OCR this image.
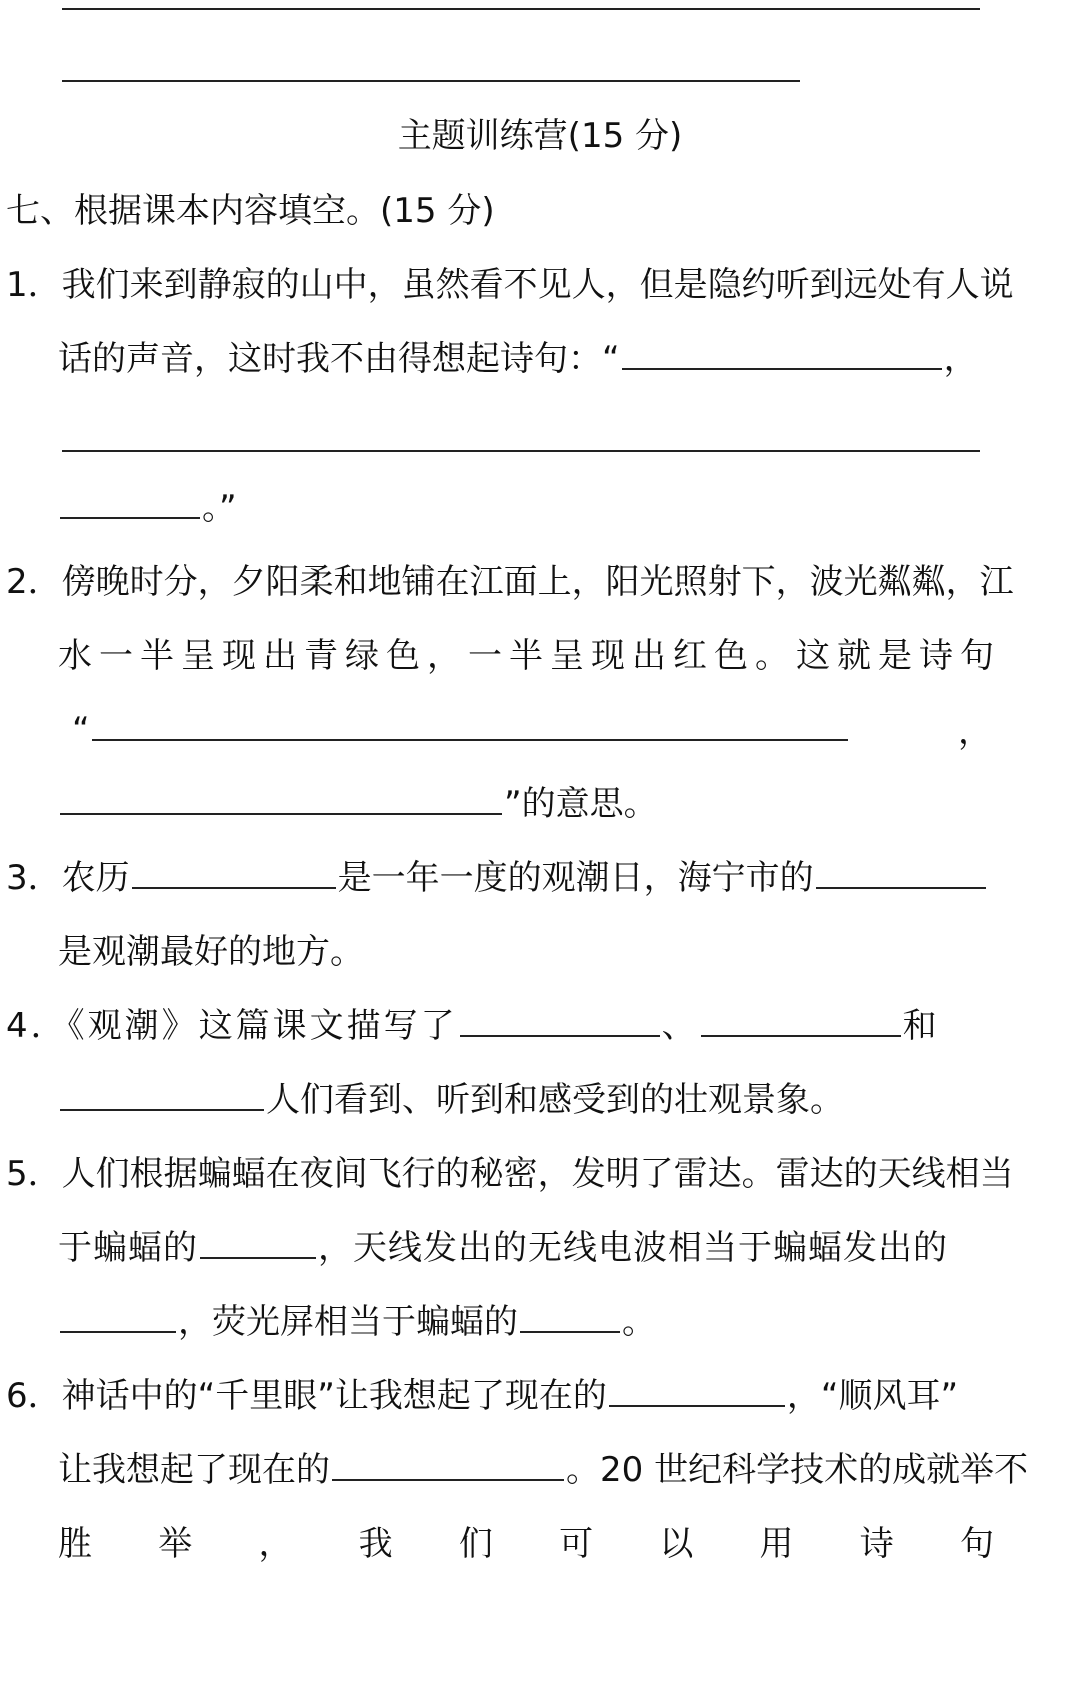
主题训练营(15 分)
七、根据课本内容填空。(15 分)
1．我们来到静寂的山中，虽然看不见人，但是隐约听到远处有人说
话的声音，这时我不由得想起诗句：“	，
。”
2．傍晚时分，夕阳柔和地铺在江面上，阳光照射下，波光粼粼，江
水一半呈现出青绿色，一半呈现出红色。这就是诗句
“	，
”的意思。
3．农历	是一年一度的观潮日，海宁市的
是观潮最好的地方。
4．《观潮》这篇课文描写了	、	和
人们看到、听到和感受到的壮观景象。
5．人们根据蝙蝠在夜间飞行的秘密，发明了雷达。雷达的天线相当
于蝙蝠的	，天线发出的无线电波相当于蝙蝠发出的
，荧光屏相当于蝙蝠的	。
6．神话中的“千里眼”让我想起了现在的	，“顺风耳”
让我想起了现在的	。20 世纪科学技术的成就举不
胜 举 ， 我 们 可 以 用 诗 句
